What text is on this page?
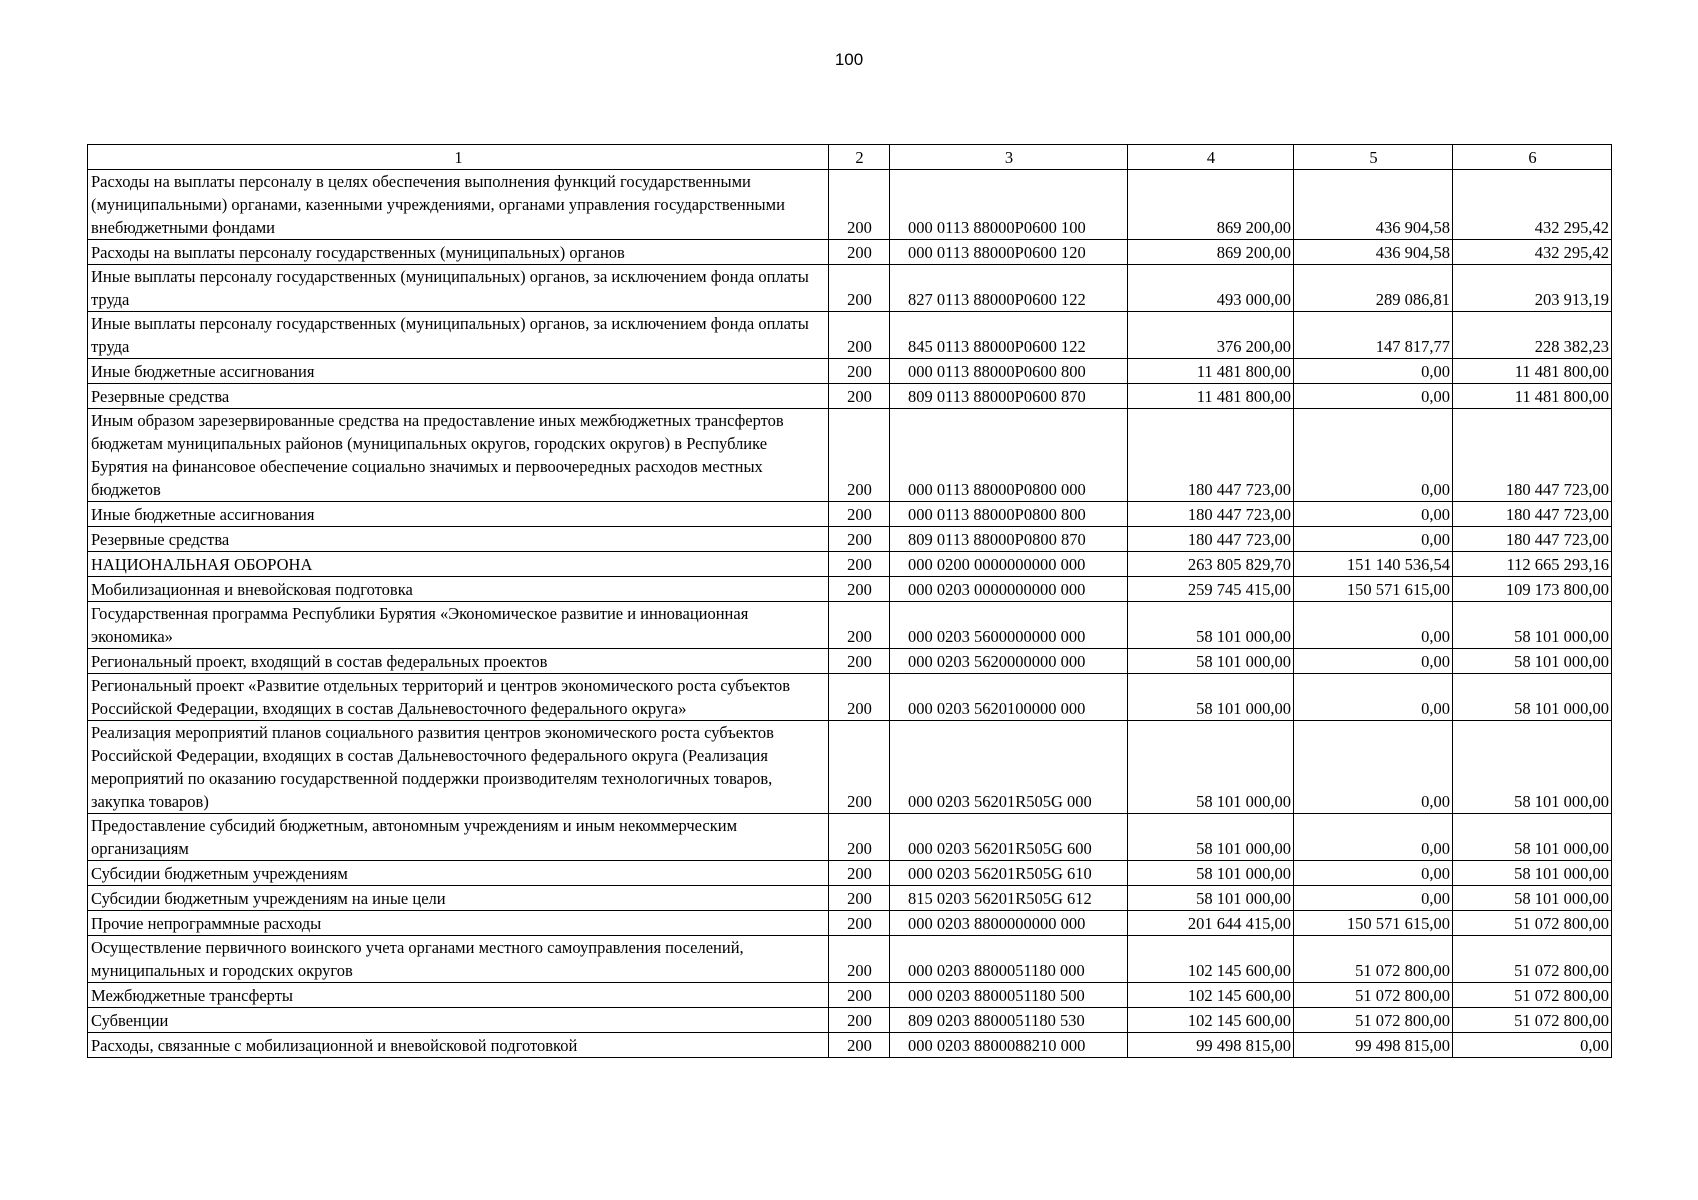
100
1	2	3	4	5	6
Расходы на выплаты персоналу в целях обеспечения выполнения функций государственными (муниципальными) органами, казенными учреждениями, органами управления государственными внебюджетными фондами	200	000 0113 88000P0600 100	869 200,00	436 904,58	432 295,42
Расходы на выплаты персоналу государственных (муниципальных) органов	200	000 0113 88000P0600 120	869 200,00	436 904,58	432 295,42
Иные выплаты персоналу государственных (муниципальных) органов, за исключением фонда оплаты труда	200	827 0113 88000P0600 122	493 000,00	289 086,81	203 913,19
Иные выплаты персоналу государственных (муниципальных) органов, за исключением фонда оплаты труда	200	845 0113 88000P0600 122	376 200,00	147 817,77	228 382,23
Иные бюджетные ассигнования	200	000 0113 88000P0600 800	11 481 800,00	0,00	11 481 800,00
Резервные средства	200	809 0113 88000P0600 870	11 481 800,00	0,00	11 481 800,00
Иным образом зарезервированные средства на предоставление иных межбюджетных трансфертов бюджетам муниципальных районов (муниципальных округов, городских округов) в Республике Бурятия на финансовое обеспечение социально значимых и первоочередных расходов местных бюджетов	200	000 0113 88000P0800 000	180 447 723,00	0,00	180 447 723,00
Иные бюджетные ассигнования	200	000 0113 88000P0800 800	180 447 723,00	0,00	180 447 723,00
Резервные средства	200	809 0113 88000P0800 870	180 447 723,00	0,00	180 447 723,00
НАЦИОНАЛЬНАЯ ОБОРОНА	200	000 0200 0000000000 000	263 805 829,70	151 140 536,54	112 665 293,16
Мобилизационная и вневойсковая подготовка	200	000 0203 0000000000 000	259 745 415,00	150 571 615,00	109 173 800,00
Государственная программа Республики Бурятия «Экономическое развитие и инновационная экономика»	200	000 0203 5600000000 000	58 101 000,00	0,00	58 101 000,00
Региональный проект, входящий в состав федеральных проектов	200	000 0203 5620000000 000	58 101 000,00	0,00	58 101 000,00
Региональный проект «Развитие отдельных территорий и центров экономического роста субъектов Российской Федерации, входящих в состав Дальневосточного федерального округа»	200	000 0203 5620100000 000	58 101 000,00	0,00	58 101 000,00
Реализация мероприятий планов социального развития центров экономического роста субъектов Российской Федерации, входящих в состав Дальневосточного федерального округа (Реализация мероприятий по оказанию государственной поддержки производителям технологичных товаров, закупка товаров)	200	000 0203 56201R505G 000	58 101 000,00	0,00	58 101 000,00
Предоставление субсидий бюджетным, автономным учреждениям и иным некоммерческим организациям	200	000 0203 56201R505G 600	58 101 000,00	0,00	58 101 000,00
Субсидии бюджетным учреждениям	200	000 0203 56201R505G 610	58 101 000,00	0,00	58 101 000,00
Субсидии бюджетным учреждениям на иные цели	200	815 0203 56201R505G 612	58 101 000,00	0,00	58 101 000,00
Прочие непрограммные расходы	200	000 0203 8800000000 000	201 644 415,00	150 571 615,00	51 072 800,00
Осуществление первичного воинского учета органами местного самоуправления поселений, муниципальных и городских округов	200	000 0203 8800051180 000	102 145 600,00	51 072 800,00	51 072 800,00
Межбюджетные трансферты	200	000 0203 8800051180 500	102 145 600,00	51 072 800,00	51 072 800,00
Субвенции	200	809 0203 8800051180 530	102 145 600,00	51 072 800,00	51 072 800,00
Расходы, связанные с мобилизационной и вневойсковой подготовкой	200	000 0203 8800088210 000	99 498 815,00	99 498 815,00	0,00
